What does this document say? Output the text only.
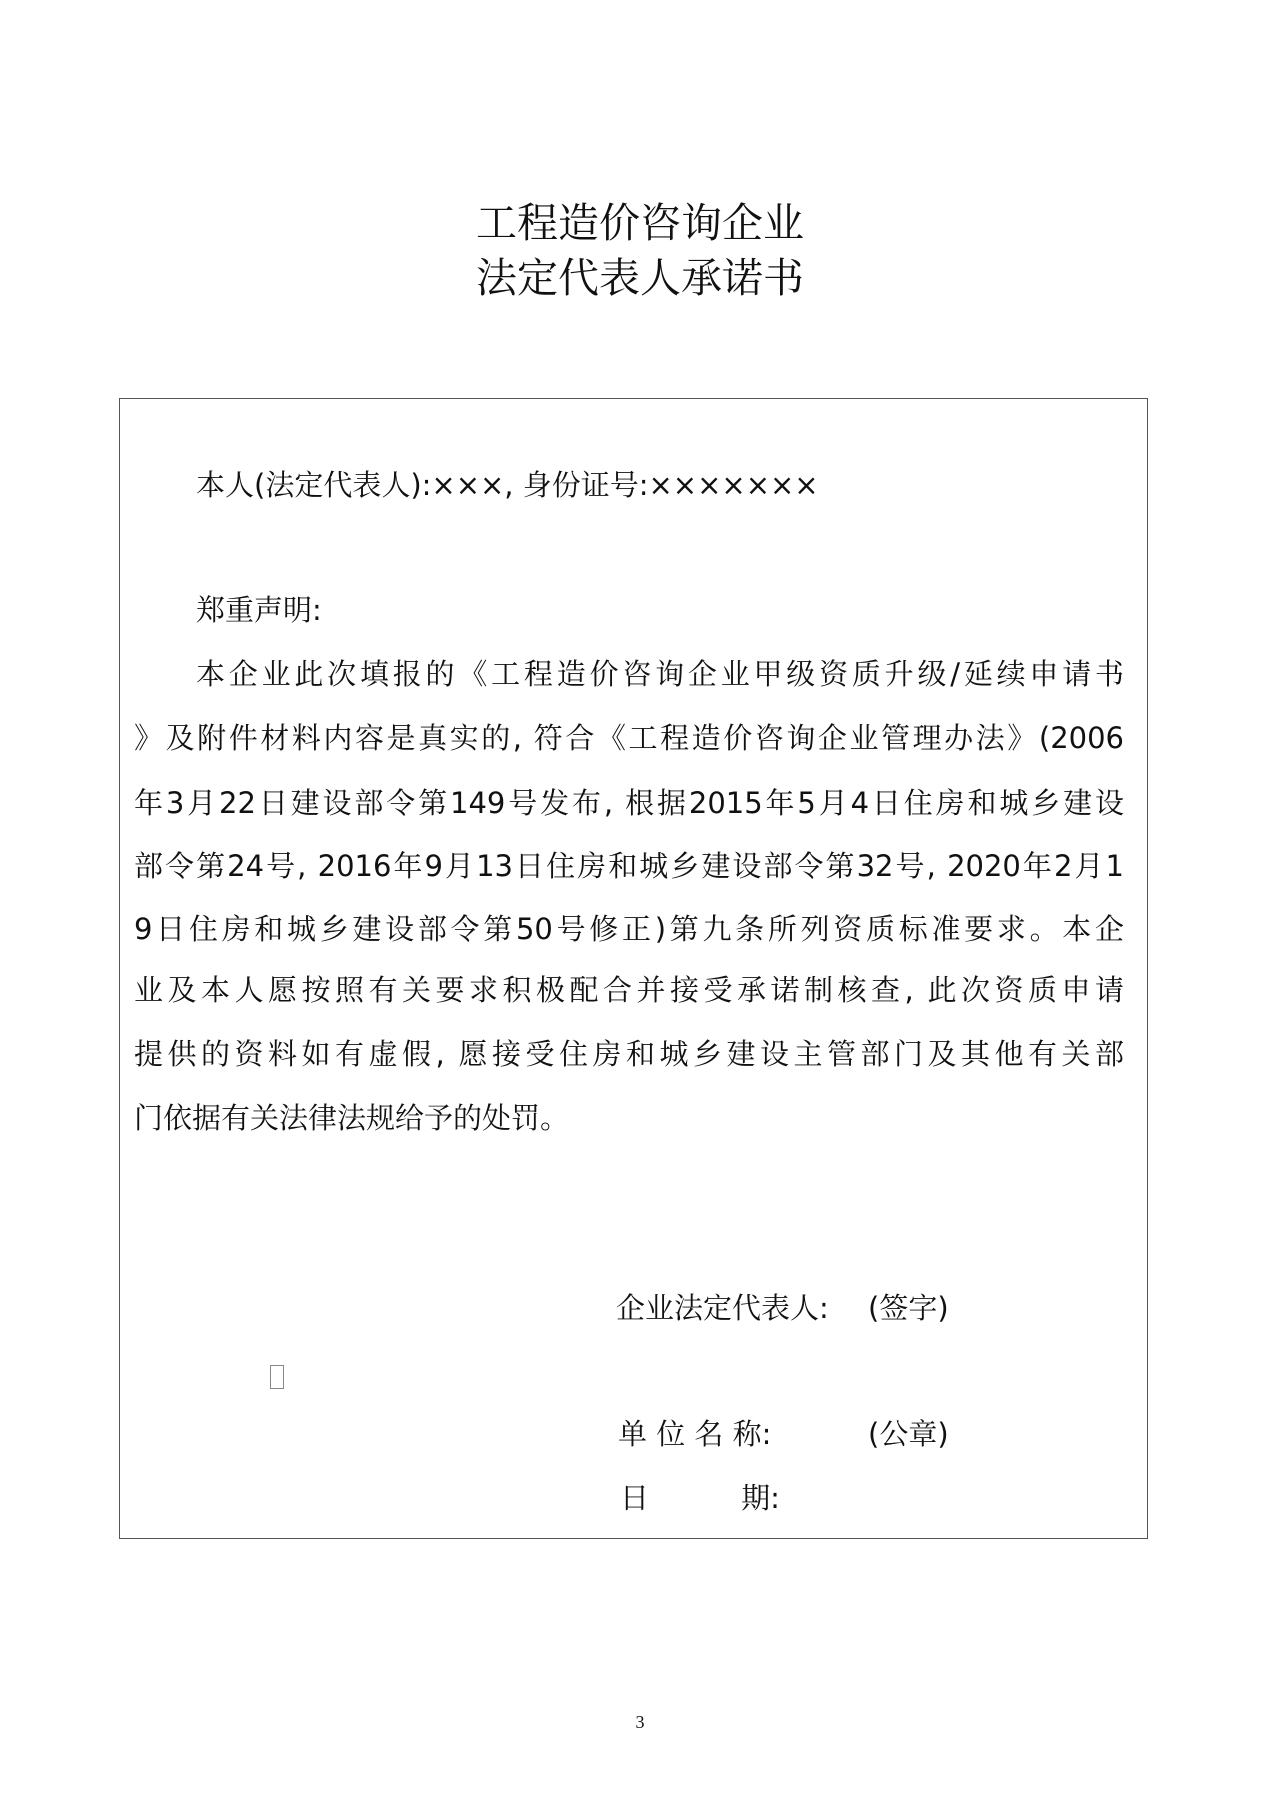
工程造价咨询企业
法定代表人承诺书
本人(法定代表人):×××, 身份证号:×××××××
郑重声明:
本企业此次填报的《工程造价咨询企业甲级资质升级/延续申请书
》及附件材料内容是真实的, 符合《工程造价咨询企业管理办法》(2006
年3月22日建设部令第149号发布, 根据2015年5月4日住房和城乡建设
部令第24号, 2016年9月13日住房和城乡建设部令第32号, 2020年2月1
9日住房和城乡建设部令第50号修正)第九条所列资质标准要求。本企
业及本人愿按照有关要求积极配合并接受承诺制核查, 此次资质申请
提供的资料如有虚假, 愿接受住房和城乡建设主管部门及其他有关部
门依据有关法律法规给予的处罚。
企业法定代表人: (签字)
单 位 名 称:	(公章)
日          期:
3
